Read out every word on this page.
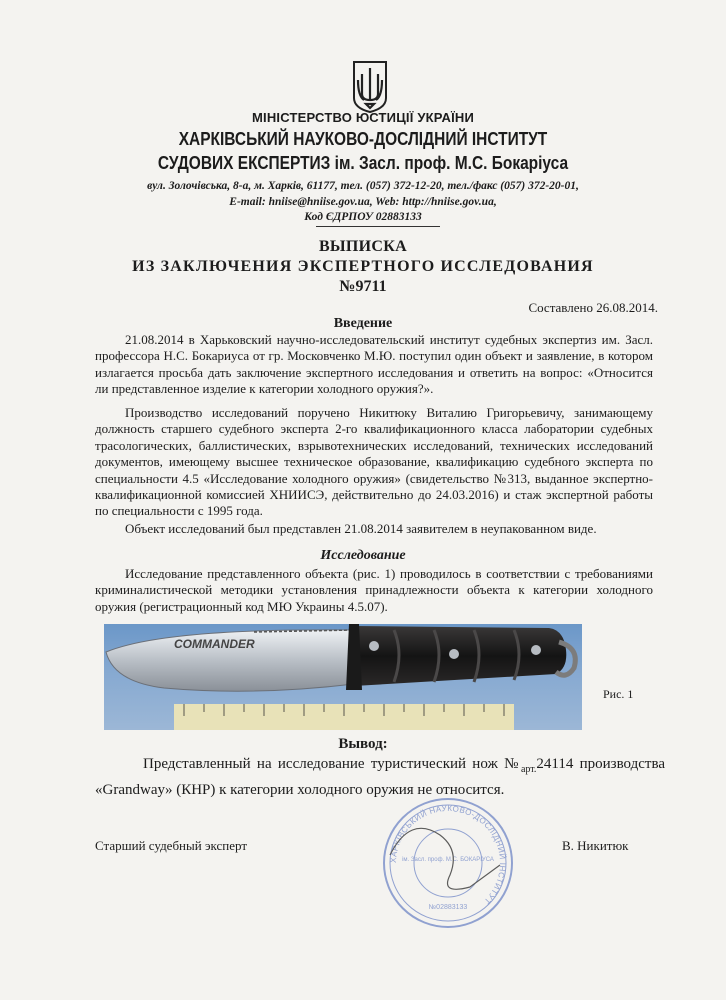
МІНІСТЕРСТВО ЮСТИЦІЇ УКРАЇНИ
ХАРКІВСЬКИЙ НАУКОВО-ДОСЛІДНИЙ ІНСТИТУТ
СУДОВИХ ЕКСПЕРТИЗ ім. Засл. проф. М.С. Бокаріуса
вул. Золочівська, 8-а, м. Харків, 61177, тел. (057) 372-12-20, тел./факс (057) 372-20-01,
E-mail: hniise@hniise.gov.ua, Web: http://hniise.gov.ua,
Код ЄДРПОУ 02883133
ВЫПИСКА
ИЗ ЗАКЛЮЧЕНИЯ ЭКСПЕРТНОГО ИССЛЕДОВАНИЯ
№9711
Составлено 26.08.2014.
Введение

21.08.2014 в Харьковский научно-исследовательский институт судебных экспертиз им. Засл. профессора Н.С. Бокариуса от гр. Московченко М.Ю. поступил один объект и заявление, в котором излагается просьба дать заключение экспертного исследования и ответить на вопрос: «Относится ли представленное изделие к категории холодного оружия?».

Производство исследований поручено Никитюку Виталию Григорьевичу, занимающему должность старшего судебного эксперта 2-го квалификационного класса лаборатории судебных трасологических, баллистических, взрывотехнических исследований, технических исследований документов, имеющему высшее техническое образование, квалификацию судебного эксперта по специальности 4.5 «Исследование холодного оружия» (свидетельство №313, выданное экспертно-квалификационной комиссией ХНИИСЭ, действительно до 24.03.2016) и стаж экспертной работы по специальности с 1995 года.

Объект исследований был представлен 21.08.2014 заявителем в неупакованном виде.

Исследование

Исследование представленного объекта (рис. 1) проводилось в соответствии с требованиями криминалистической методики установления принадлежности объекта к категории холодного оружия (регистрационный код МЮ Украины 4.5.07).

COMMANDER
Рис. 1
Вывод:

Представленный на исследование туристический нож $№_{арт.}24114$ производства «Grandway» (КНР) к категории холодного оружия не относится.

Старший судебный эксперт	В. Никитюк
ХАРКІВСЬКИЙ НАУКОВО-ДОСЛІДНИЙ ІНСТИТУТ
ім. Засл. проф. М.С. БОКАРІУСА
№02883133
